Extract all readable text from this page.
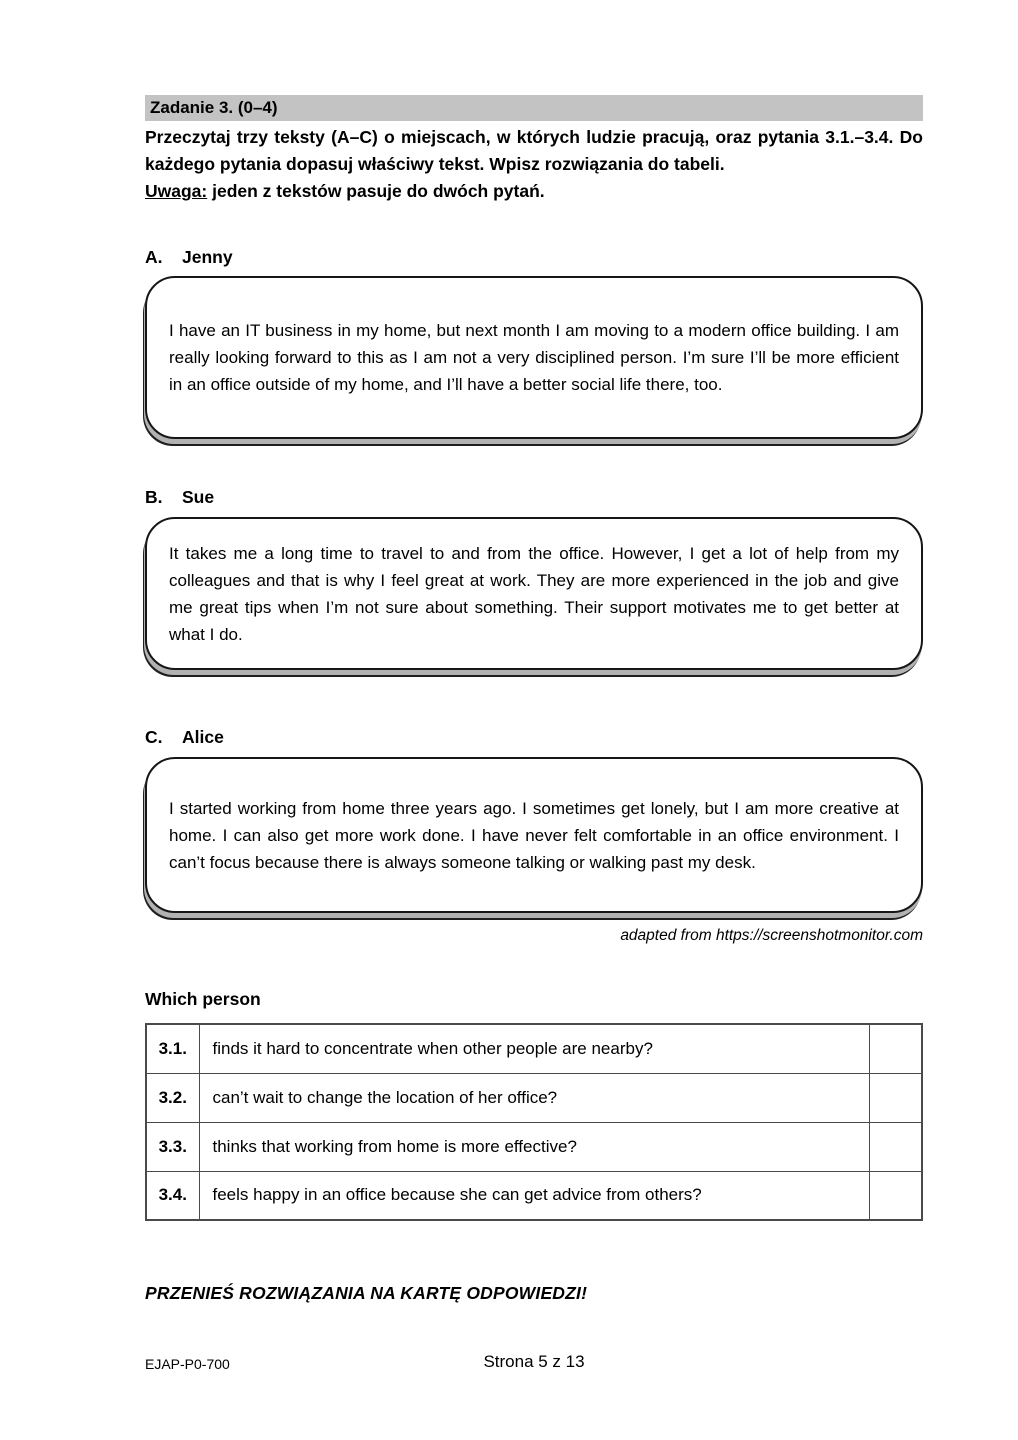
Zadanie 3. (0–4)
Przeczytaj trzy teksty (A–C) o miejscach, w których ludzie pracują, oraz pytania 3.1.–3.4. Do każdego pytania dopasuj właściwy tekst. Wpisz rozwiązania do tabeli.
Uwaga: jeden z tekstów pasuje do dwóch pytań.
A. Jenny

I have an IT business in my home, but next month I am moving to a modern office building. I am really looking forward to this as I am not a very disciplined person. I’m sure I’ll be more efficient in an office outside of my home, and I’ll have a better social life there, too.

B. Sue

It takes me a long time to travel to and from the office. However, I get a lot of help from my colleagues and that is why I feel great at work. They are more experienced in the job and give me great tips when I’m not sure about something. Their support motivates me to get better at what I do.

C. Alice

I started working from home three years ago. I sometimes get lonely, but I am more creative at home. I can also get more work done. I have never felt comfortable in an office environment. I can’t focus because there is always someone talking or walking past my desk.

adapted from https://screenshotmonitor.com
Which person
3.1.	finds it hard to concentrate when other people are nearby?	
3.2.	can’t wait to change the location of her office?	
3.3.	thinks that working from home is more effective?	
3.4.	feels happy in an office because she can get advice from others?	
PRZENIEŚ ROZWIĄZANIA NA KARTĘ ODPOWIEDZI!
EJAP-P0-700	Strona 5 z 13
